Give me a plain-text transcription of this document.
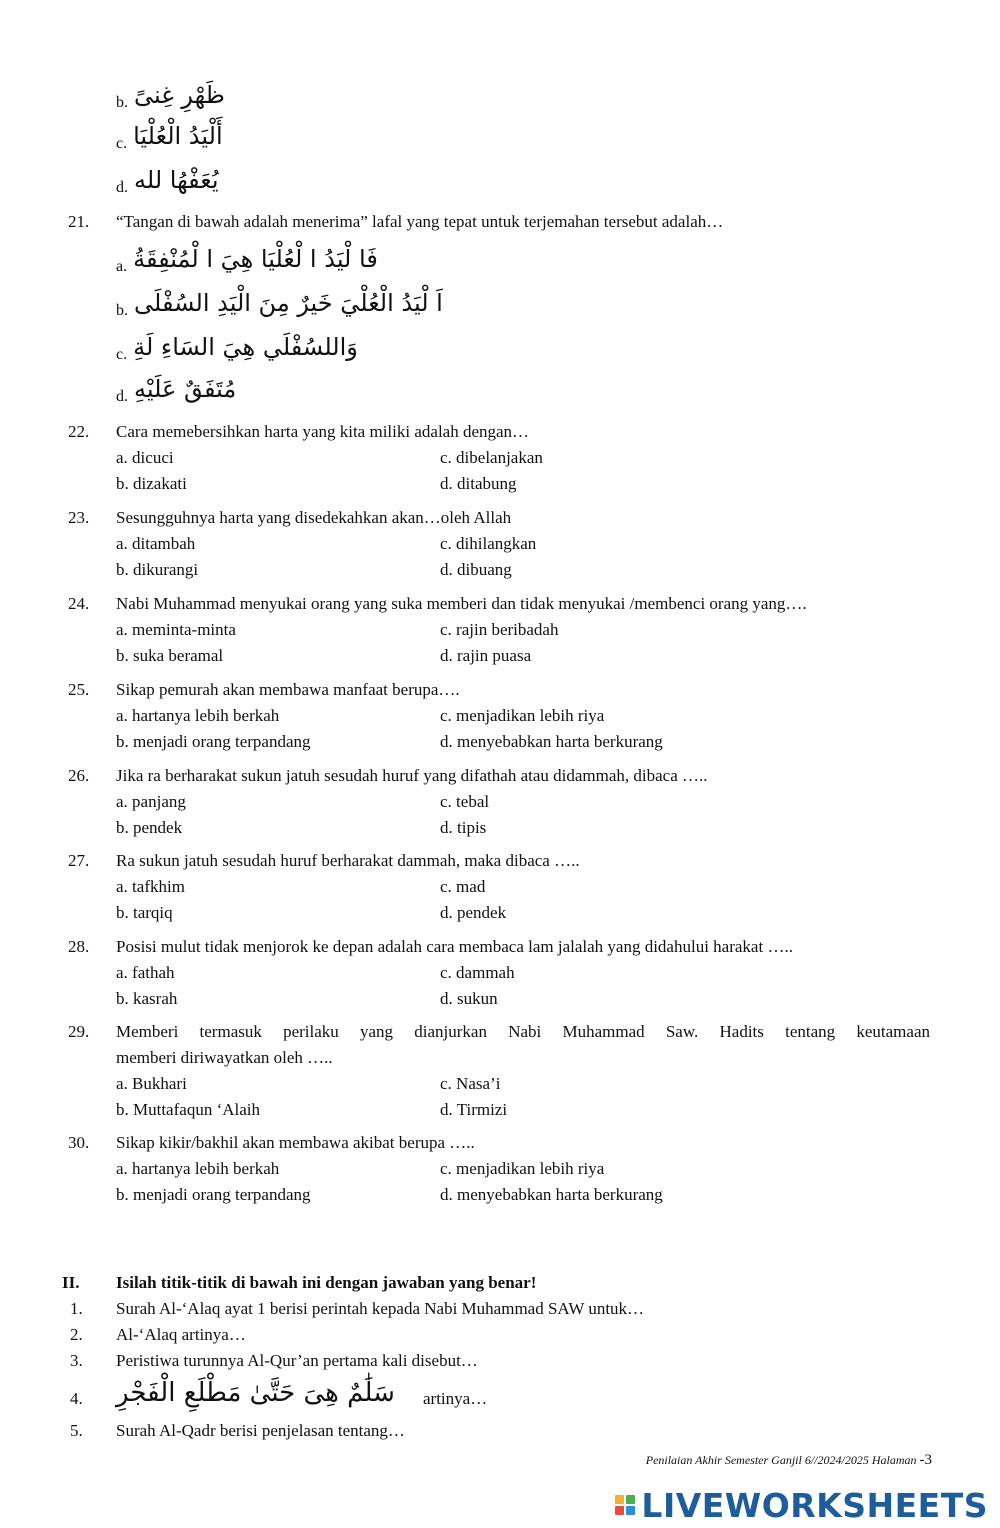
b. ظَهْرِ غِنىً
c. أَلْيَدُ الْعُلْيَا
d. يُعَفْهُا لله
21. “Tangan di bawah adalah menerima” lafal yang tepat untuk terjemahan tersebut adalah…
a. فَا لْيَدُ ا لْعُلْيَا هِيَ ا لْمُنْفِقَةُ
b. اَ لْيَدُ الْعُلْيَ خَيرٌ مِنَ الْيَدِ السُفْلَى
c. وَاللسُفْلَي هِيَ السَاءِ لَةِ
d. مُتَفَقٌ عَلَيْهِ
22. Cara memebersihkan harta yang kita miliki adalah dengan…
a. dicuci	c. dibelanjakan
b. dizakati	d. ditabung
23. Sesungguhnya harta yang disedekahkan akan…oleh Allah
a. ditambah	c. dihilangkan
b. dikurangi	d. dibuang
24. Nabi Muhammad menyukai orang yang suka memberi dan tidak menyukai /membenci orang yang….
a. meminta-minta	c. rajin beribadah
b. suka beramal	d. rajin puasa
25. Sikap pemurah akan membawa manfaat berupa….
a. hartanya lebih berkah	c. menjadikan lebih riya
b. menjadi orang terpandang	d. menyebabkan harta berkurang
26. Jika ra berharakat sukun jatuh sesudah huruf yang difathah atau didammah, dibaca …..
a. panjang	c. tebal
b. pendek	d. tipis
27. Ra sukun jatuh sesudah huruf berharakat dammah, maka dibaca …..
a. tafkhim	c. mad
b. tarqiq	d. pendek
28. Posisi mulut tidak menjorok ke depan adalah cara membaca lam jalalah yang didahului harakat …..
a. fathah	c. dammah
b. kasrah	d. sukun
29. Memberi termasuk perilaku yang dianjurkan Nabi Muhammad Saw. Hadits tentang keutamaan
memberi diriwayatkan oleh …..
a. Bukhari	c. Nasa’i
b. Muttafaqun ‘Alaih	d. Tirmizi
30. Sikap kikir/bakhil akan membawa akibat berupa …..
a. hartanya lebih berkah	c. menjadikan lebih riya
b. menjadi orang terpandang	d. menyebabkan harta berkurang
II. Isilah titik-titik di bawah ini dengan jawaban yang benar!
1. Surah Al-‘Alaq ayat 1 berisi perintah kepada Nabi Muhammad SAW untuk…
2. Al-‘Alaq artinya…
3. Peristiwa turunnya Al-Qur’an pertama kali disebut…
4. سَلَٰمٌ هِىَ حَتَّىٰ مَطْلَعِ الْفَجْرِ artinya…
5. Surah Al-Qadr berisi penjelasan tentang…
Penilaian Akhir Semester Ganjil 6//2024/2025 Halaman -3
LIVEWORKSHEETS
